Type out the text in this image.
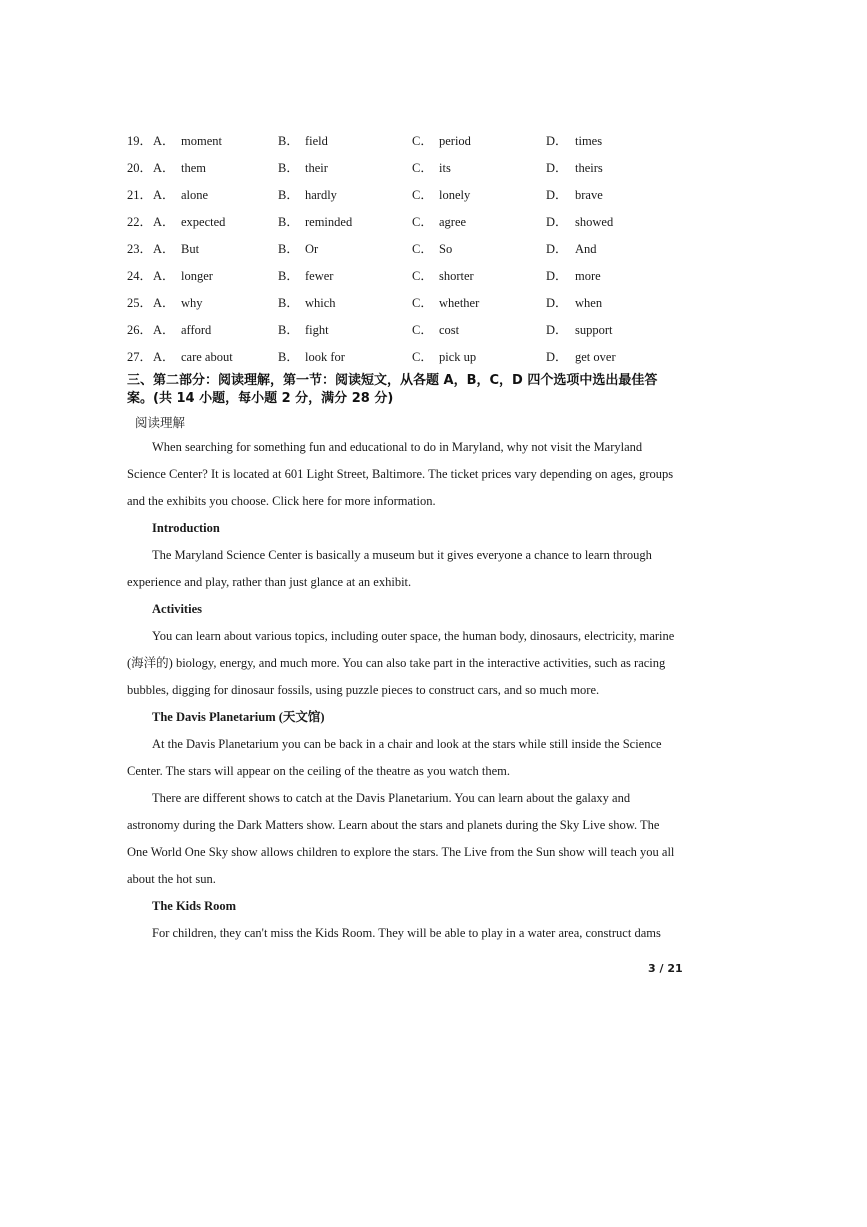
19． A． moment	B． field	C． period	D． times
20． A． them	B． their	C． its	D． theirs
21． A． alone	B． hardly	C． lonely	D． brave
22． A． expected	B． reminded	C． agree	D． showed
23． A． But	B． Or	C． So	D． And
24． A． longer	B． fewer	C． shorter	D． more
25． A． why	B． which	C． whether	D． when
26． A． afford	B． fight	C． cost	D． support
27． A． care about	B． look for	C． pick up	D． get over
三、第二部分：阅读理解，第一节：阅读短文，从各题 A，B，C，D 四个选项中选出最佳答
案。(共 14 小题，每小题 2 分，满分 28 分)
阅读理解
When searching for something fun and educational to do in Maryland, why not visit the Maryland
Science Center? It is located at 601 Light Street, Baltimore. The ticket prices vary depending on ages, groups
and the exhibits you choose. Click here for more information.
Introduction
The Maryland Science Center is basically a museum but it gives everyone a chance to learn through
experience and play, rather than just glance at an exhibit.
Activities
You can learn about various topics, including outer space, the human body, dinosaurs, electricity, marine
(海洋的) biology, energy, and much more. You can also take part in the interactive activities, such as racing
bubbles, digging for dinosaur fossils, using puzzle pieces to construct cars, and so much more.
The Davis Planetarium (天文馆)
At the Davis Planetarium you can be back in a chair and look at the stars while still inside the Science
Center. The stars will appear on the ceiling of the theatre as you watch them.
There are different shows to catch at the Davis Planetarium. You can learn about the galaxy and
astronomy during the Dark Matters show. Learn about the stars and planets during the Sky Live show. The
One World One Sky show allows children to explore the stars. The Live from the Sun show will teach you all
about the hot sun.
The Kids Room
For children, they can't miss the Kids Room. They will be able to play in a water area, construct dams
3 / 21
